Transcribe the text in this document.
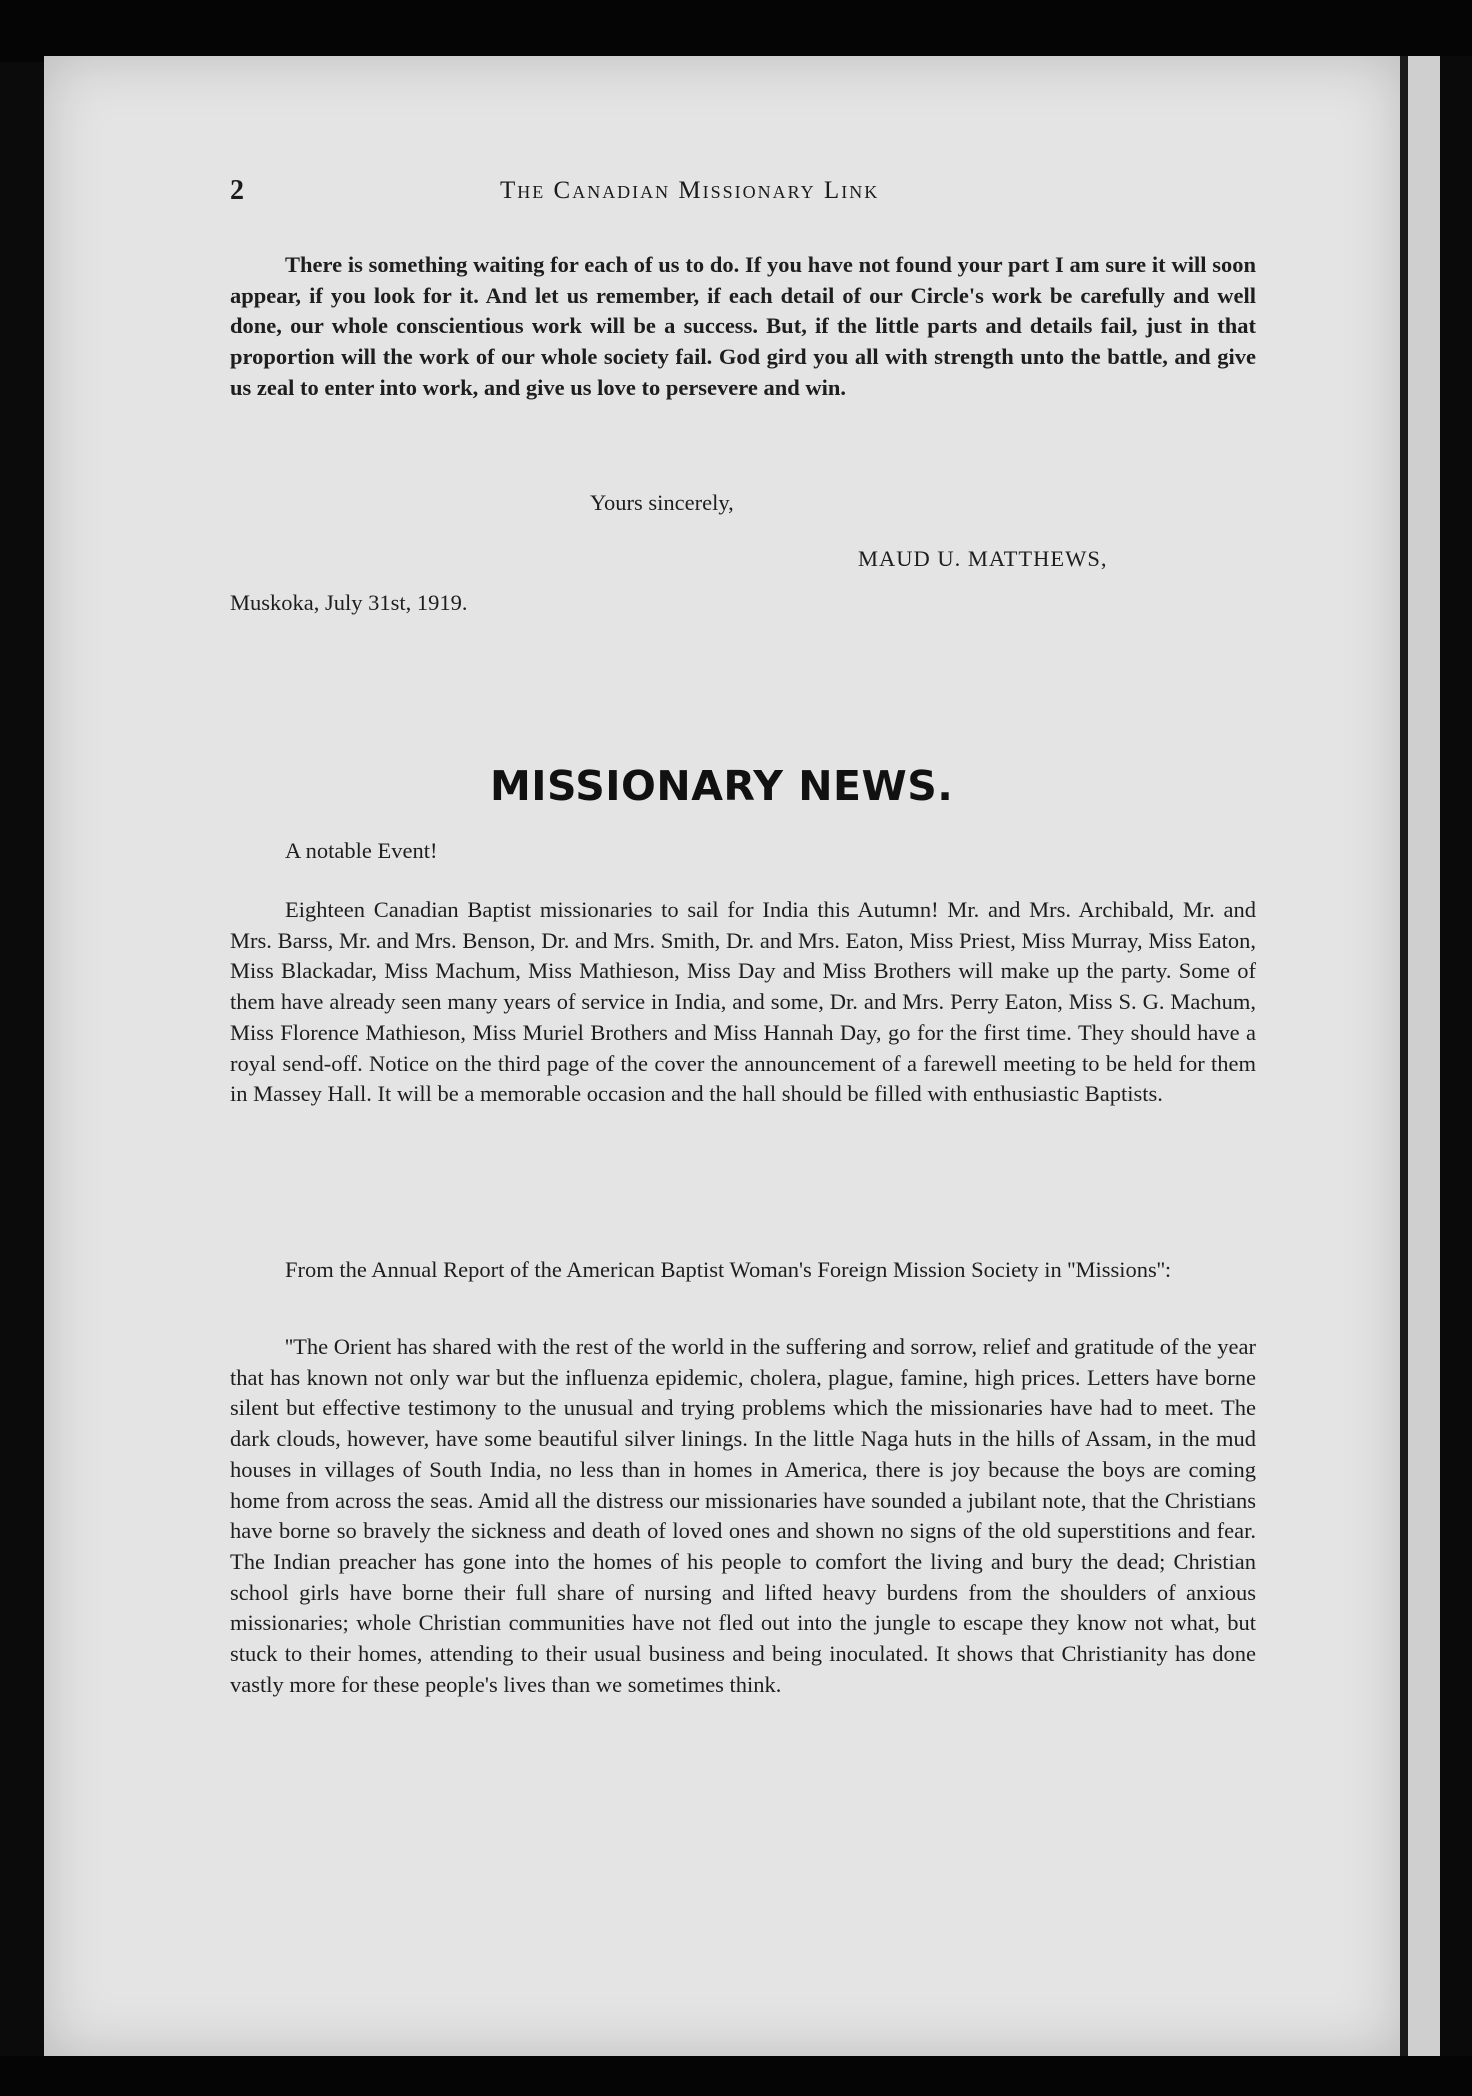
2	The Canadian Missionary Link

There is something waiting for each of us to do. If you have not found your part I am sure it will soon appear, if you look for it. And let us remember, if each detail of our Circle's work be carefully and well done, our whole conscientious work will be a success. But, if the little parts and details fail, just in that proportion will the work of our whole society fail. God gird you all with strength unto the battle, and give us zeal to enter into work, and give us love to persevere and win.

Yours sincerely,

MAUD U. MATTHEWS,

Muskoka, July 31st, 1919.

MISSIONARY NEWS.

A notable Event!

Eighteen Canadian Baptist missionaries to sail for India this Autumn! Mr. and Mrs. Archibald, Mr. and Mrs. Barss, Mr. and Mrs. Benson, Dr. and Mrs. Smith, Dr. and Mrs. Eaton, Miss Priest, Miss Murray, Miss Eaton, Miss Blackadar, Miss Machum, Miss Mathieson, Miss Day and Miss Brothers will make up the party. Some of them have already seen many years of service in India, and some, Dr. and Mrs. Perry Eaton, Miss S. G. Machum, Miss Florence Mathieson, Miss Muriel Brothers and Miss Hannah Day, go for the first time. They should have a royal send-off. Notice on the third page of the cover the announcement of a farewell meeting to be held for them in Massey Hall. It will be a memorable occasion and the hall should be filled with enthusiastic Baptists.

From the Annual Report of the American Baptist Woman's Foreign Mission Society in ''Missions'':

''The Orient has shared with the rest of the world in the suffering and sorrow, relief and gratitude of the year that has known not only war but the influenza epidemic, cholera, plague, famine, high prices. Letters have borne silent but effective testimony to the unusual and trying problems which the missionaries have had to meet. The dark clouds, however, have some beautiful silver linings. In the little Naga huts in the hills of Assam, in the mud houses in villages of South India, no less than in homes in America, there is joy because the boys are coming home from across the seas. Amid all the distress our missionaries have sounded a jubilant note, that the Christians have borne so bravely the sickness and death of loved ones and shown no signs of the old superstitions and fear. The Indian preacher has gone into the homes of his people to comfort the living and bury the dead; Christian school girls have borne their full share of nursing and lifted heavy burdens from the shoulders of anxious missionaries; whole Christian communities have not fled out into the jungle to escape they know not what, but stuck to their homes, attending to their usual business and being inoculated. It shows that Christianity has done vastly more for these people's lives than we sometimes think.
